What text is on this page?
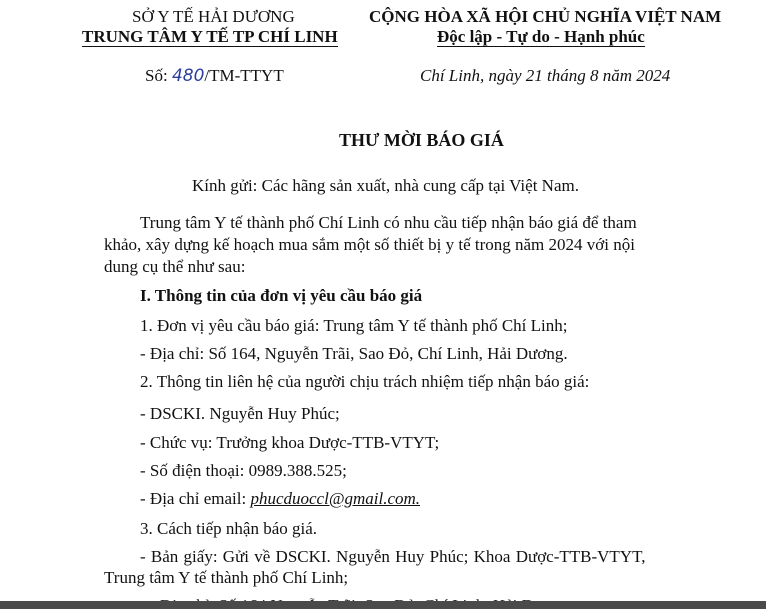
SỞ Y TẾ HẢI DƯƠNG
TRUNG TÂM Y TẾ TP CHÍ LINH
CỘNG HÒA XÃ HỘI CHỦ NGHĨA VIỆT NAM
Độc lập - Tự do - Hạnh phúc
Số: 480/TM-TTYT	Chí Linh, ngày 21 tháng 8 năm 2024
THƯ MỜI BÁO GIÁ
Kính gửi: Các hãng sản xuất, nhà cung cấp tại Việt Nam.
Trung tâm Y tế thành phố Chí Linh có nhu cầu tiếp nhận báo giá để tham
khảo, xây dựng kế hoạch mua sắm một số thiết bị y tế trong năm 2024 với nội
dung cụ thể như sau:
I. Thông tin của đơn vị yêu cầu báo giá
1. Đơn vị yêu cầu báo giá: Trung tâm Y tế thành phố Chí Linh;
- Địa chỉ: Số 164, Nguyễn Trãi, Sao Đỏ, Chí Linh, Hải Dương.
2. Thông tin liên hệ của người chịu trách nhiệm tiếp nhận báo giá:
- DSCKI. Nguyễn Huy Phúc;
- Chức vụ: Trưởng khoa Dược-TTB-VTYT;
- Số điện thoại: 0989.388.525;
- Địa chỉ email: phucduoccl@gmail.com.
3. Cách tiếp nhận báo giá.
- Bản giấy: Gửi về DSCKI. Nguyễn Huy Phúc; Khoa Dược-TTB-VTYT,
Trung tâm Y tế thành phố Chí Linh;
